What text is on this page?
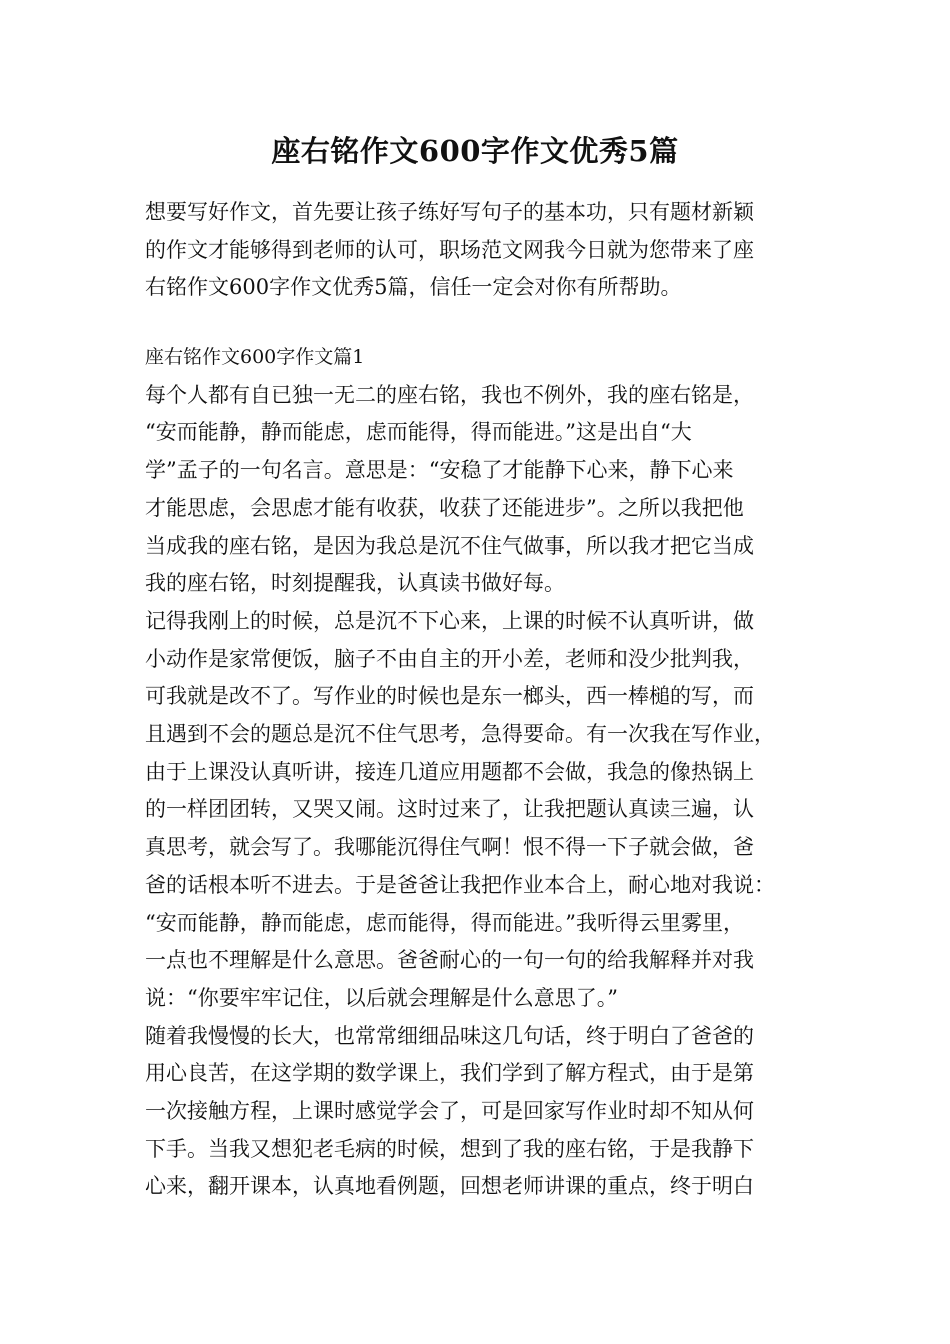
座右铭作文600字作文优秀5篇
想要写好作文，首先要让孩子练好写句子的基本功，只有题材新颖
的作文才能够得到老师的认可，职场范文网我今日就为您带来了座
右铭作文600字作文优秀5篇，信任一定会对你有所帮助。
座右铭作文600字作文篇1
每个人都有自已独一无二的座右铭，我也不例外，我的座右铭是，
“安而能静，静而能虑，虑而能得，得而能进。”这是出自“大
学”孟子的一句名言。意思是：“安稳了才能静下心来，静下心来
才能思虑，会思虑才能有收获，收获了还能进步”。之所以我把他
当成我的座右铭，是因为我总是沉不住气做事，所以我才把它当成
我的座右铭，时刻提醒我，认真读书做好每。
记得我刚上的时候，总是沉不下心来，上课的时候不认真听讲，做
小动作是家常便饭，脑子不由自主的开小差，老师和没少批判我，
可我就是改不了。写作业的时候也是东一榔头，西一棒槌的写，而
且遇到不会的题总是沉不住气思考，急得要命。有一次我在写作业，
由于上课没认真听讲，接连几道应用题都不会做，我急的像热锅上
的一样团团转，又哭又闹。这时过来了，让我把题认真读三遍，认
真思考，就会写了。我哪能沉得住气啊！恨不得一下子就会做，爸
爸的话根本听不进去。于是爸爸让我把作业本合上，耐心地对我说：
“安而能静，静而能虑，虑而能得，得而能进。”我听得云里雾里，
一点也不理解是什么意思。爸爸耐心的一句一句的给我解释并对我
说：“你要牢牢记住，以后就会理解是什么意思了。”
随着我慢慢的长大，也常常细细品味这几句话，终于明白了爸爸的
用心良苦，在这学期的数学课上，我们学到了解方程式，由于是第
一次接触方程，上课时感觉学会了，可是回家写作业时却不知从何
下手。当我又想犯老毛病的时候，想到了我的座右铭，于是我静下
心来，翻开课本，认真地看例题，回想老师讲课的重点，终于明白
